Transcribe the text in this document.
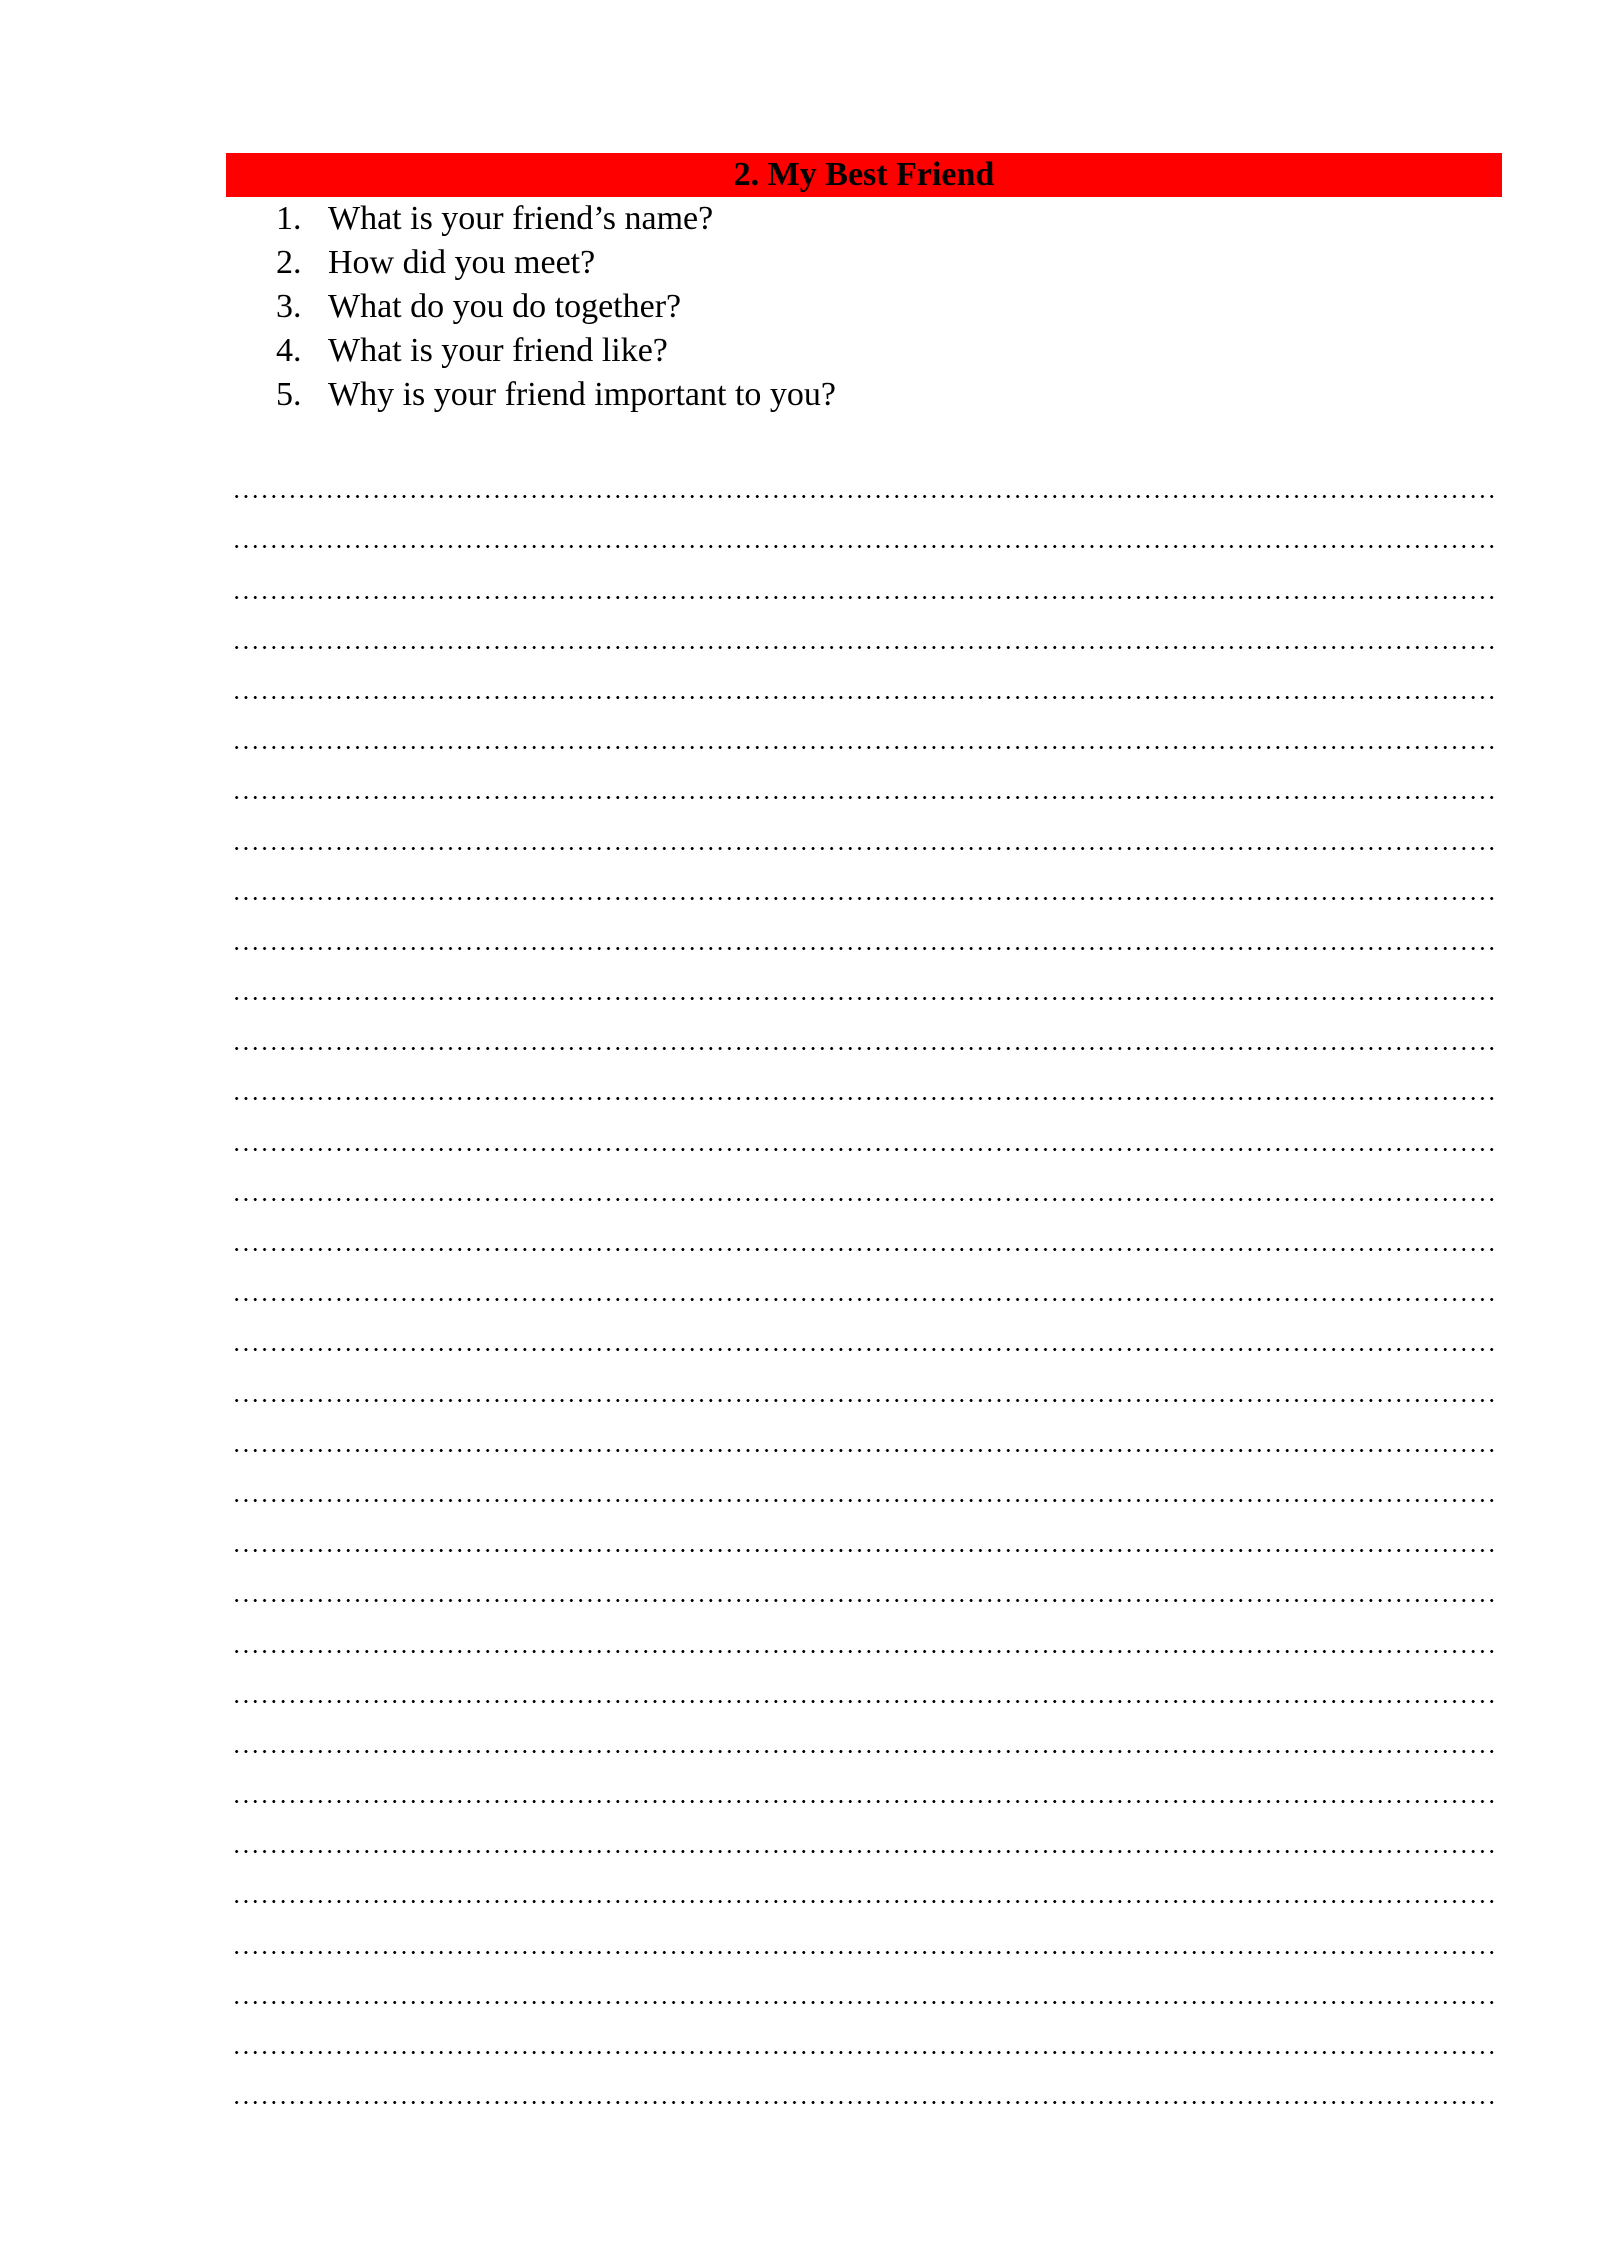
2. My Best Friend
1. What is your friend’s name?
2. How did you meet?
3. What do you do together?
4. What is your friend like?
5. Why is your friend important to you?
